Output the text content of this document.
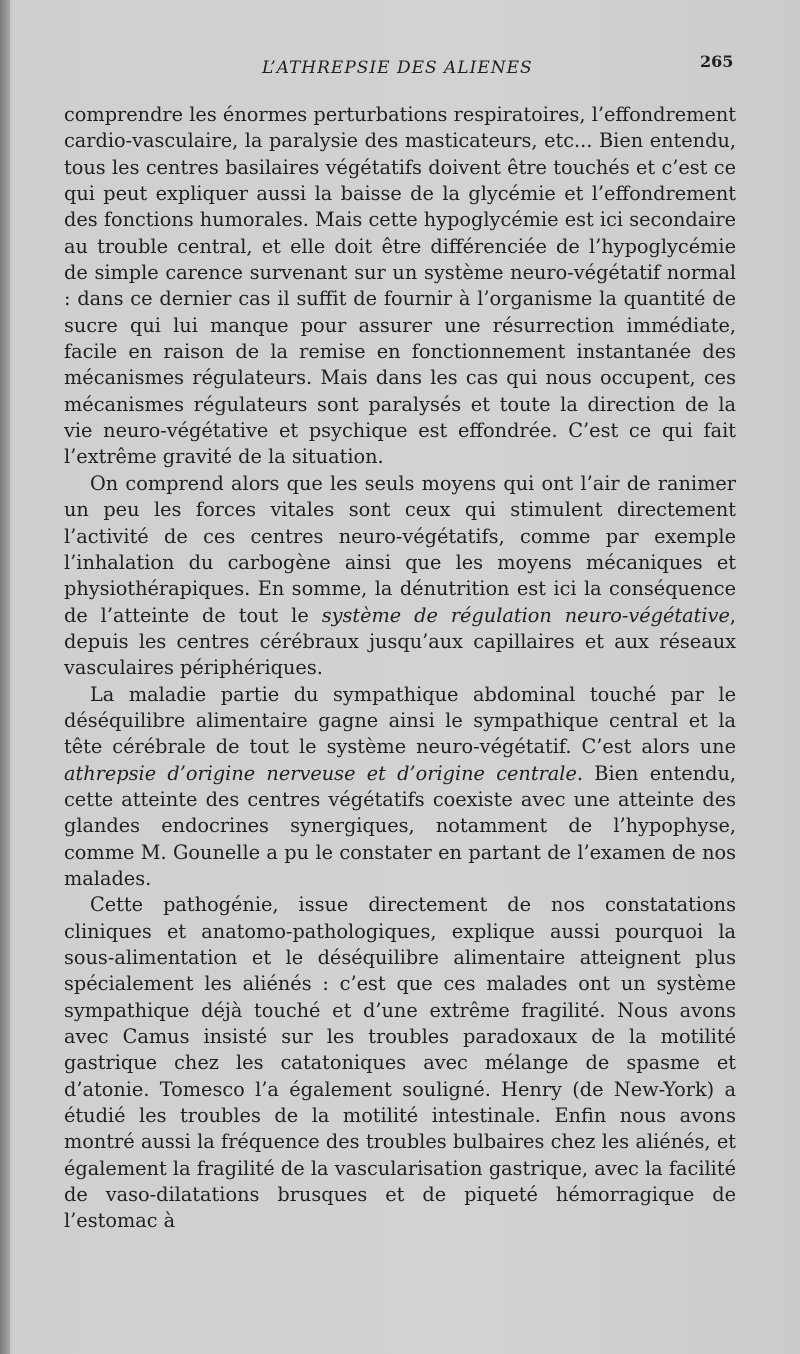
L’ATHREPSIE DES ALIENES	265

comprendre les énormes perturbations respiratoires, l’effondrement cardio-vasculaire, la paralysie des masticateurs, etc... Bien entendu, tous les centres basilaires végétatifs doivent être touchés et c’est ce qui peut expliquer aussi la baisse de la glycémie et l’effondrement des fonctions humorales. Mais cette hypoglycémie est ici secondaire au trouble central, et elle doit être différenciée de l’hypoglycémie de simple carence survenant sur un système neuro-végétatif normal : dans ce dernier cas il suffit de fournir à l’organisme la quantité de sucre qui lui manque pour assurer une résurrection immédiate, facile en raison de la remise en fonctionnement instantanée des mécanismes régulateurs. Mais dans les cas qui nous occupent, ces mécanismes régulateurs sont paralysés et toute la direction de la vie neuro-végétative et psychique est effondrée. C’est ce qui fait l’extrême gravité de la situation.

On comprend alors que les seuls moyens qui ont l’air de ranimer un peu les forces vitales sont ceux qui stimulent directement l’activité de ces centres neuro-végétatifs, comme par exemple l’inhalation du carbogène ainsi que les moyens mécaniques et physiothérapiques. En somme, la dénutrition est ici la conséquence de l’atteinte de tout le système de régulation neuro-végétative, depuis les centres cérébraux jusqu’aux capillaires et aux réseaux vasculaires périphériques.

La maladie partie du sympathique abdominal touché par le déséquilibre alimentaire gagne ainsi le sympathique central et la tête cérébrale de tout le système neuro-végétatif. C’est alors une athrepsie d’origine nerveuse et d’origine centrale. Bien entendu, cette atteinte des centres végétatifs coexiste avec une atteinte des glandes endocrines synergiques, notamment de l’hypophyse, comme M. Gounelle a pu le constater en partant de l’examen de nos malades.

Cette pathogénie, issue directement de nos constatations cliniques et anatomo-pathologiques, explique aussi pourquoi la sous-alimentation et le déséquilibre alimentaire atteignent plus spécialement les aliénés : c’est que ces malades ont un système sympathique déjà touché et d’une extrême fragilité. Nous avons avec Camus insisté sur les troubles paradoxaux de la motilité gastrique chez les catatoniques avec mélange de spasme et d’atonie. Tomesco l’a également souligné. Henry (de New-York) a étudié les troubles de la motilité intestinale. Enfin nous avons montré aussi la fréquence des troubles bulbaires chez les aliénés, et également la fragilité de la vascularisation gastrique, avec la facilité de vaso-dilatations brusques et de piqueté hémorragique de l’estomac à
